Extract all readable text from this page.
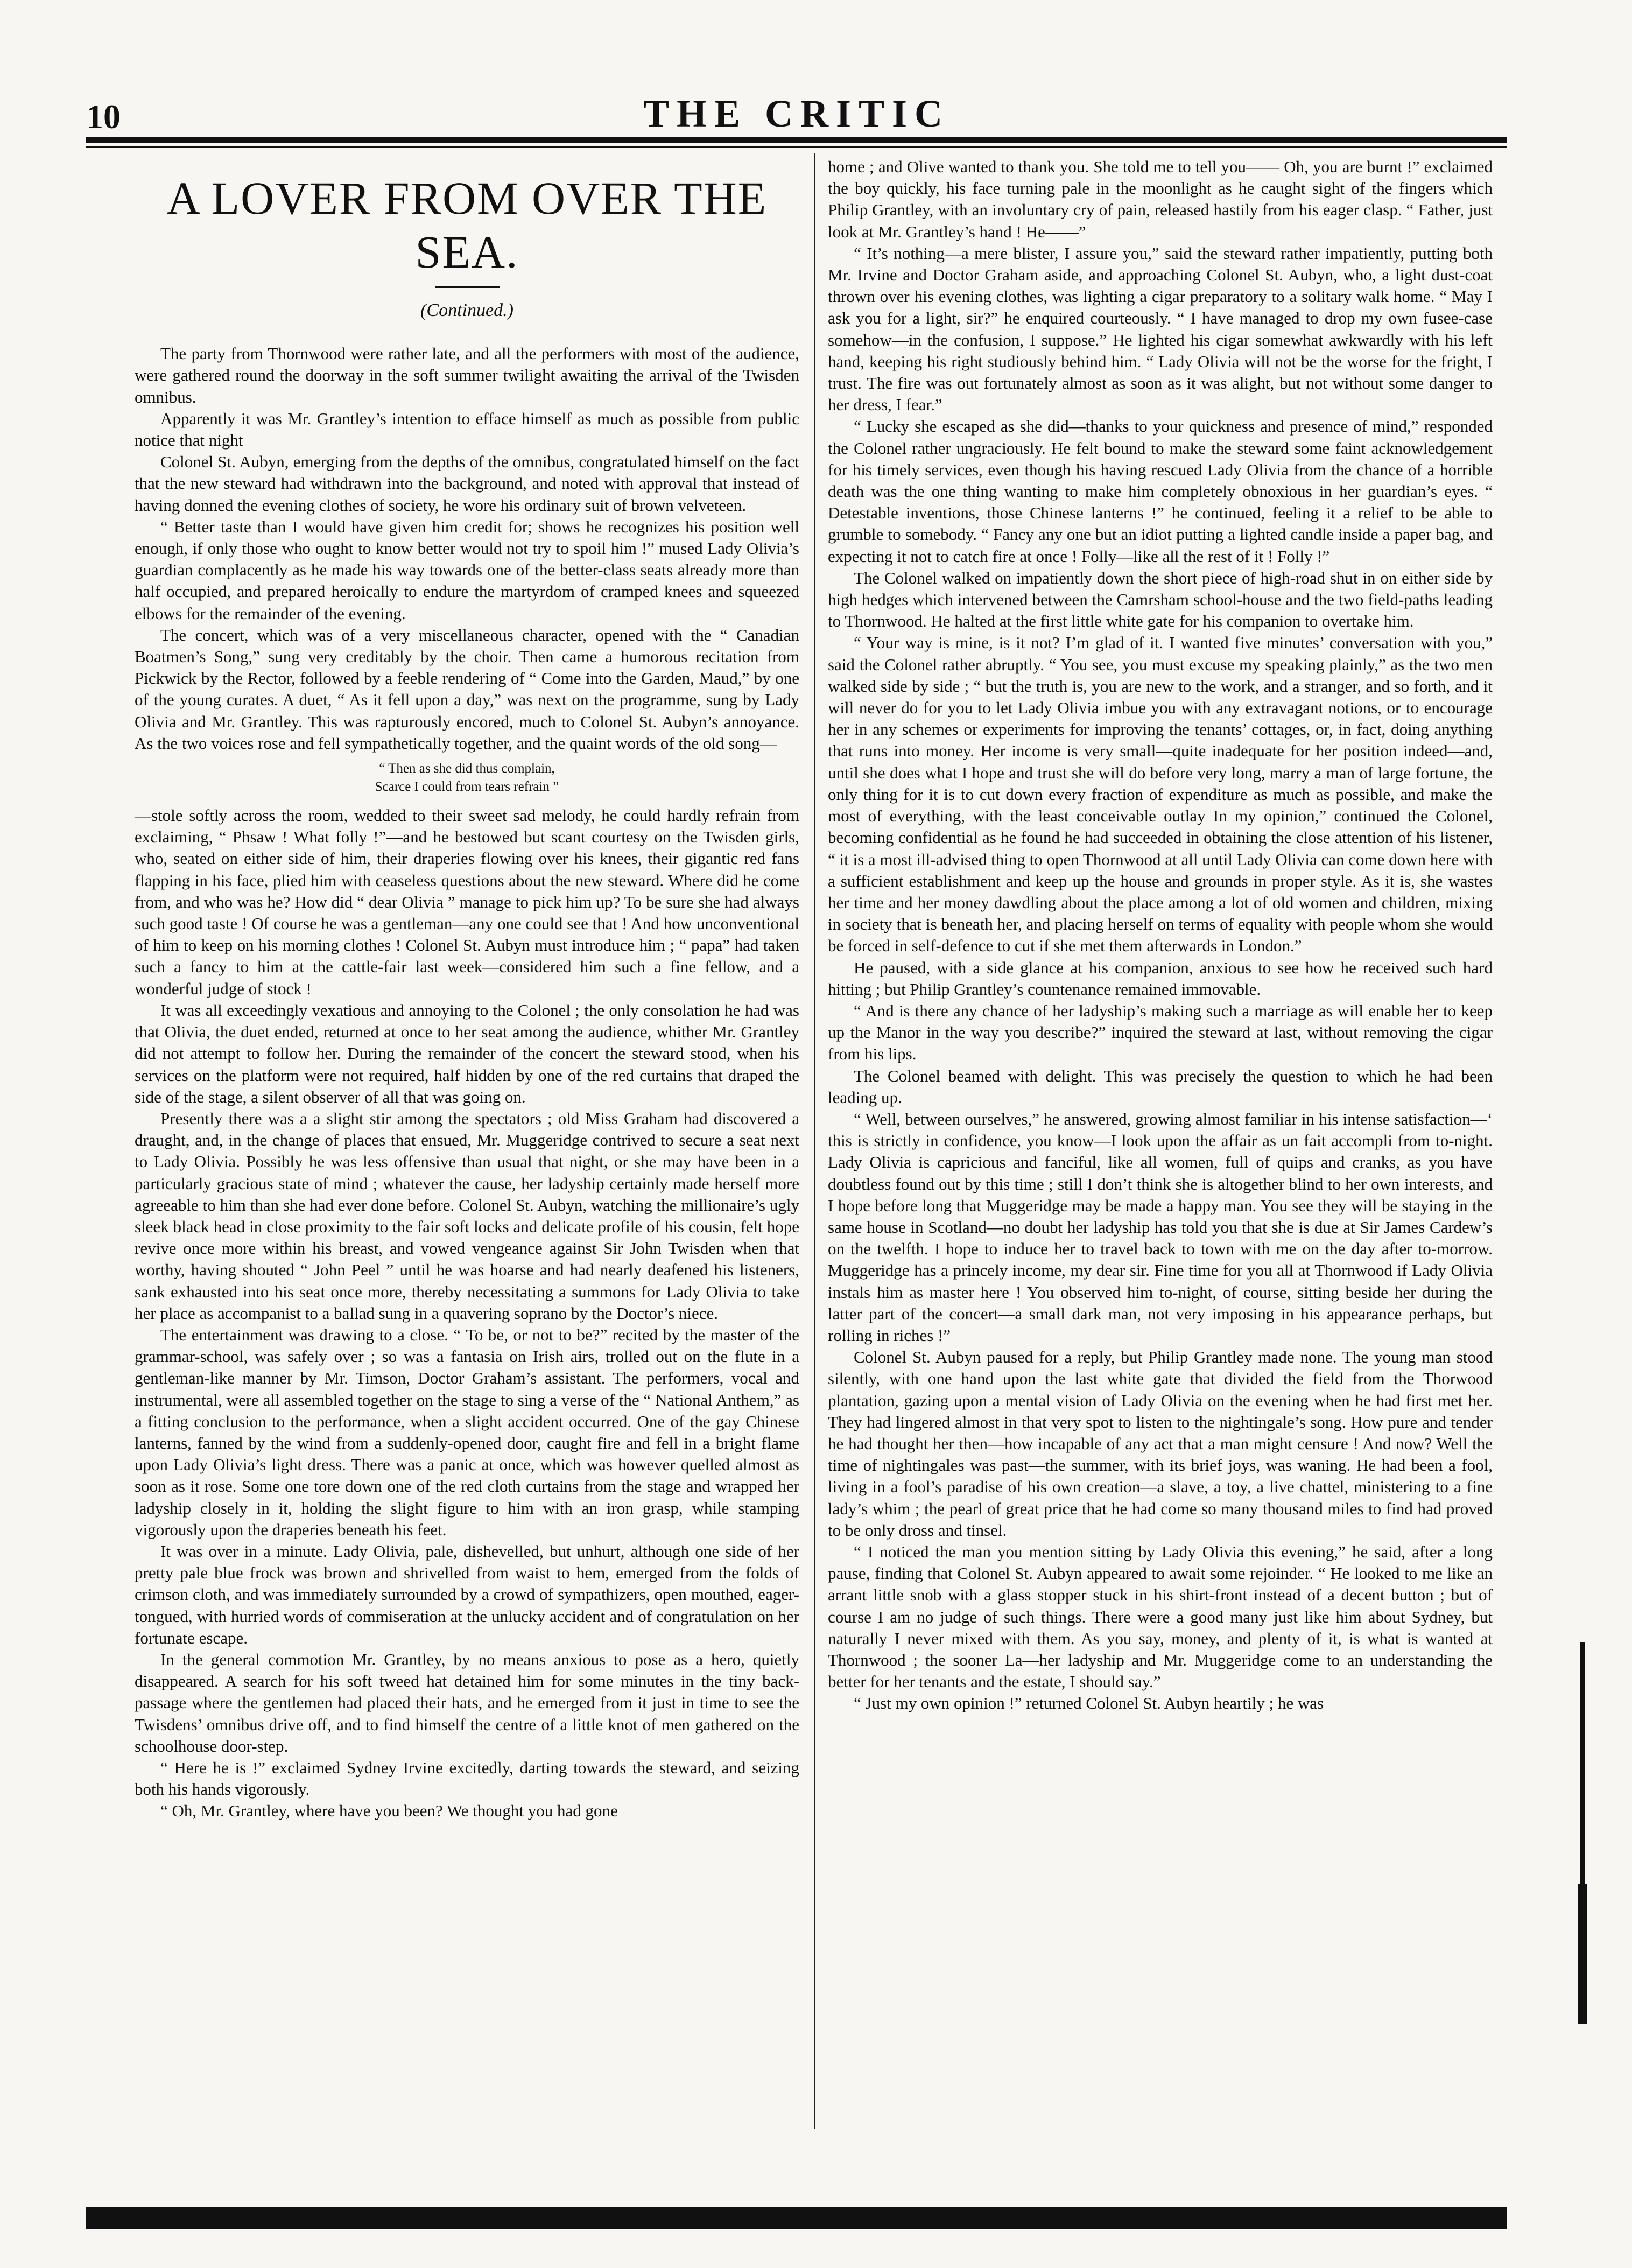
10	THE CRITIC
A LOVER FROM OVER THE SEA.
(Continued.)

The party from Thornwood were rather late, and all the performers with most of the audience, were gathered round the doorway in the soft summer twilight awaiting the arrival of the Twisden omnibus.

Apparently it was Mr. Grantley’s intention to efface himself as much as possible from public notice that night

Colonel St. Aubyn, emerging from the depths of the omnibus, congratulated himself on the fact that the new steward had withdrawn into the background, and noted with approval that instead of having donned the evening clothes of society, he wore his ordinary suit of brown velveteen.

“ Better taste than I would have given him credit for; shows he recognizes his position well enough, if only those who ought to know better would not try to spoil him !” mused Lady Olivia’s guardian complacently as he made his way towards one of the better-class seats already more than half occupied, and prepared heroically to endure the martyrdom of cramped knees and squeezed elbows for the remainder of the evening.

The concert, which was of a very miscellaneous character, opened with the “ Canadian Boatmen’s Song,” sung very creditably by the choir. Then came a humorous recitation from Pickwick by the Rector, followed by a feeble rendering of “ Come into the Garden, Maud,” by one of the young curates. A duet, “ As it fell upon a day,” was next on the programme, sung by Lady Olivia and Mr. Grantley. This was rapturously encored, much to Colonel St. Aubyn’s annoyance. As the two voices rose and fell sympathetically together, and the quaint words of the old song—

“ Then as she did thus complain,
Scarce I could from tears refrain ”

—stole softly across the room, wedded to their sweet sad melody, he could hardly refrain from exclaiming, “ Phsaw ! What folly !”—and he bestowed but scant courtesy on the Twisden girls, who, seated on either side of him, their draperies flowing over his knees, their gigantic red fans flapping in his face, plied him with ceaseless questions about the new steward. Where did he come from, and who was he? How did “ dear Olivia ” manage to pick him up? To be sure she had always such good taste ! Of course he was a gentleman—any one could see that ! And how unconventional of him to keep on his morning clothes ! Colonel St. Aubyn must introduce him ; “ papa” had taken such a fancy to him at the cattle-fair last week—considered him such a fine fellow, and a wonderful judge of stock !

It was all exceedingly vexatious and annoying to the Colonel ; the only consolation he had was that Olivia, the duet ended, returned at once to her seat among the audience, whither Mr. Grantley did not attempt to follow her. During the remainder of the concert the steward stood, when his services on the platform were not required, half hidden by one of the red curtains that draped the side of the stage, a silent observer of all that was going on.

Presently there was a a slight stir among the spectators ; old Miss Graham had discovered a draught, and, in the change of places that ensued, Mr. Muggeridge contrived to secure a seat next to Lady Olivia. Possibly he was less offensive than usual that night, or she may have been in a particularly gracious state of mind ; whatever the cause, her ladyship certainly made herself more agreeable to him than she had ever done before. Colonel St. Aubyn, watching the millionaire’s ugly sleek black head in close proximity to the fair soft locks and delicate profile of his cousin, felt hope revive once more within his breast, and vowed vengeance against Sir John Twisden when that worthy, having shouted “ John Peel ” until he was hoarse and had nearly deafened his listeners, sank exhausted into his seat once more, thereby necessitating a summons for Lady Olivia to take her place as accompanist to a ballad sung in a quavering soprano by the Doctor’s niece.

The entertainment was drawing to a close. “ To be, or not to be?” recited by the master of the grammar-school, was safely over ; so was a fantasia on Irish airs, trolled out on the flute in a gentleman-like manner by Mr. Timson, Doctor Graham’s assistant. The performers, vocal and instrumental, were all assembled together on the stage to sing a verse of the “ National Anthem,” as a fitting conclusion to the performance, when a slight accident occurred. One of the gay Chinese lanterns, fanned by the wind from a suddenly-opened door, caught fire and fell in a bright flame upon Lady Olivia’s light dress. There was a panic at once, which was however quelled almost as soon as it rose. Some one tore down one of the red cloth curtains from the stage and wrapped her ladyship closely in it, holding the slight figure to him with an iron grasp, while stamping vigorously upon the draperies beneath his feet.

It was over in a minute. Lady Olivia, pale, dishevelled, but unhurt, although one side of her pretty pale blue frock was brown and shrivelled from waist to hem, emerged from the folds of crimson cloth, and was immediately surrounded by a crowd of sympathizers, open mouthed, eager-tongued, with hurried words of commiseration at the unlucky accident and of congratulation on her fortunate escape.

In the general commotion Mr. Grantley, by no means anxious to pose as a hero, quietly disappeared. A search for his soft tweed hat detained him for some minutes in the tiny back-passage where the gentlemen had placed their hats, and he emerged from it just in time to see the Twisdens’ omnibus drive off, and to find himself the centre of a little knot of men gathered on the schoolhouse door-step.

“ Here he is !” exclaimed Sydney Irvine excitedly, darting towards the steward, and seizing both his hands vigorously.

“ Oh, Mr. Grantley, where have you been? We thought you had gone

home ; and Olive wanted to thank you. She told me to tell you—— Oh, you are burnt !” exclaimed the boy quickly, his face turning pale in the moonlight as he caught sight of the fingers which Philip Grantley, with an involuntary cry of pain, released hastily from his eager clasp. “ Father, just look at Mr. Grantley’s hand ! He——”

“ It’s nothing—a mere blister, I assure you,” said the steward rather impatiently, putting both Mr. Irvine and Doctor Graham aside, and approaching Colonel St. Aubyn, who, a light dust-coat thrown over his evening clothes, was lighting a cigar preparatory to a solitary walk home. “ May I ask you for a light, sir?” he enquired courteously. “ I have managed to drop my own fusee-case somehow—in the confusion, I suppose.” He lighted his cigar somewhat awkwardly with his left hand, keeping his right studiously behind him. “ Lady Olivia will not be the worse for the fright, I trust. The fire was out fortunately almost as soon as it was alight, but not without some danger to her dress, I fear.”

“ Lucky she escaped as she did—thanks to your quickness and presence of mind,” responded the Colonel rather ungraciously. He felt bound to make the steward some faint acknowledgement for his timely services, even though his having rescued Lady Olivia from the chance of a horrible death was the one thing wanting to make him completely obnoxious in her guardian’s eyes. “ Detestable inventions, those Chinese lanterns !” he continued, feeling it a relief to be able to grumble to somebody. “ Fancy any one but an idiot putting a lighted candle inside a paper bag, and expecting it not to catch fire at once ! Folly—like all the rest of it ! Folly !”

The Colonel walked on impatiently down the short piece of high-road shut in on either side by high hedges which intervened between the Camrsham school-house and the two field-paths leading to Thornwood. He halted at the first little white gate for his companion to overtake him.

“ Your way is mine, is it not? I’m glad of it. I wanted five minutes’ conversation with you,” said the Colonel rather abruptly. “ You see, you must excuse my speaking plainly,” as the two men walked side by side ; “ but the truth is, you are new to the work, and a stranger, and so forth, and it will never do for you to let Lady Olivia imbue you with any extravagant notions, or to encourage her in any schemes or experiments for improving the tenants’ cottages, or, in fact, doing anything that runs into money. Her income is very small—quite inadequate for her position indeed—and, until she does what I hope and trust she will do before very long, marry a man of large fortune, the only thing for it is to cut down every fraction of expenditure as much as possible, and make the most of everything, with the least conceivable outlay In my opinion,” continued the Colonel, becoming confidential as he found he had succeeded in obtaining the close attention of his listener, “ it is a most ill-advised thing to open Thornwood at all until Lady Olivia can come down here with a sufficient establishment and keep up the house and grounds in proper style. As it is, she wastes her time and her money dawdling about the place among a lot of old women and children, mixing in society that is beneath her, and placing herself on terms of equality with people whom she would be forced in self-defence to cut if she met them afterwards in London.”

He paused, with a side glance at his companion, anxious to see how he received such hard hitting ; but Philip Grantley’s countenance remained immovable.

“ And is there any chance of her ladyship’s making such a marriage as will enable her to keep up the Manor in the way you describe?” inquired the steward at last, without removing the cigar from his lips.

The Colonel beamed with delight. This was precisely the question to which he had been leading up.

“ Well, between ourselves,” he answered, growing almost familiar in his intense satisfaction—‘ this is strictly in confidence, you know—I look upon the affair as un fait accompli from to-night. Lady Olivia is capricious and fanciful, like all women, full of quips and cranks, as you have doubtless found out by this time ; still I don’t think she is altogether blind to her own interests, and I hope before long that Muggeridge may be made a happy man. You see they will be staying in the same house in Scotland—no doubt her ladyship has told you that she is due at Sir James Cardew’s on the twelfth. I hope to induce her to travel back to town with me on the day after to-morrow. Muggeridge has a princely income, my dear sir. Fine time for you all at Thornwood if Lady Olivia instals him as master here ! You observed him to-night, of course, sitting beside her during the latter part of the concert—a small dark man, not very imposing in his appearance perhaps, but rolling in riches !”

Colonel St. Aubyn paused for a reply, but Philip Grantley made none. The young man stood silently, with one hand upon the last white gate that divided the field from the Thorwood plantation, gazing upon a mental vision of Lady Olivia on the evening when he had first met her. They had lingered almost in that very spot to listen to the nightingale’s song. How pure and tender he had thought her then—how incapable of any act that a man might censure ! And now? Well the time of nightingales was past—the summer, with its brief joys, was waning. He had been a fool, living in a fool’s paradise of his own creation—a slave, a toy, a live chattel, ministering to a fine lady’s whim ; the pearl of great price that he had come so many thousand miles to find had proved to be only dross and tinsel.

“ I noticed the man you mention sitting by Lady Olivia this evening,” he said, after a long pause, finding that Colonel St. Aubyn appeared to await some rejoinder. “ He looked to me like an arrant little snob with a glass stopper stuck in his shirt-front instead of a decent button ; but of course I am no judge of such things. There were a good many just like him about Sydney, but naturally I never mixed with them. As you say, money, and plenty of it, is what is wanted at Thornwood ; the sooner La—her ladyship and Mr. Muggeridge come to an understanding the better for her tenants and the estate, I should say.”

“ Just my own opinion !” returned Colonel St. Aubyn heartily ; he was
